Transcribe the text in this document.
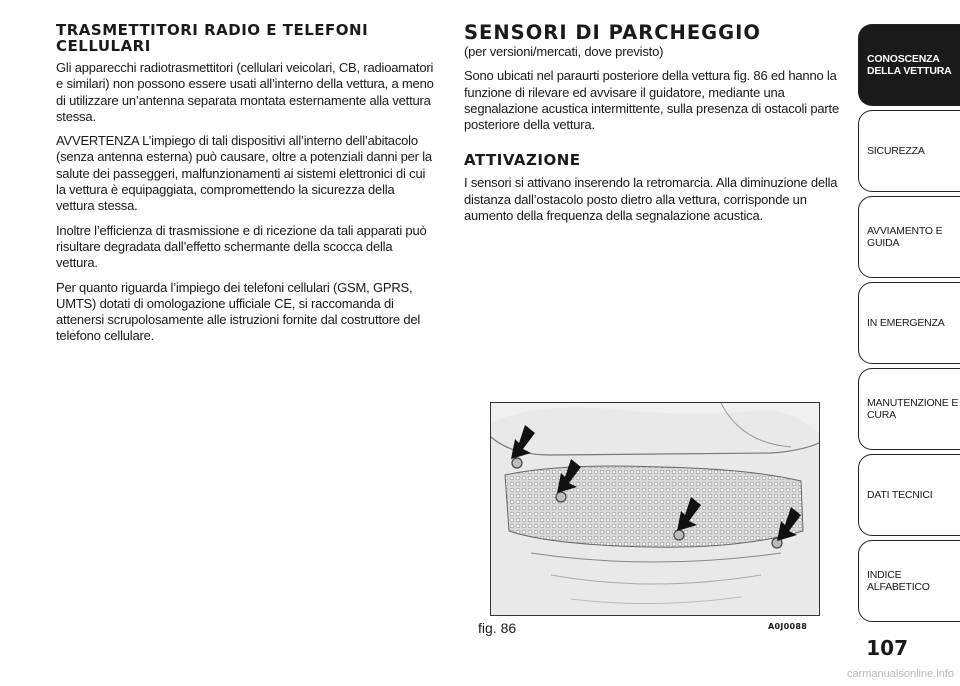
TRASMETTITORI RADIO E TELEFONI CELLULARI

Gli apparecchi radiotrasmettitori (cellulari veicolari, CB, radioamatori e similari) non possono essere usati all’interno della vettura, a meno di utilizzare un’antenna separata montata esternamente alla vettura stessa.

AVVERTENZA L’impiego di tali dispositivi all’interno dell’abitacolo (senza antenna esterna) può causare, oltre a potenziali danni per la salute dei passeggeri, malfunzionamenti ai sistemi elettronici di cui la vettura è equipaggiata, compromettendo la sicurezza della vettura stessa.

Inoltre l’efficienza di trasmissione e di ricezione da tali apparati può risultare degradata dall’effetto schermante della scocca della vettura.

Per quanto riguarda l’impiego dei telefoni cellulari (GSM, GPRS, UMTS) dotati di omologazione ufficiale CE, si raccomanda di attenersi scrupolosamente alle istruzioni fornite dal costruttore del telefono cellulare.

SENSORI DI PARCHEGGIO

(per versioni/mercati, dove previsto)

Sono ubicati nel paraurti posteriore della vettura fig. 86 ed hanno la funzione di rilevare ed avvisare il guidatore, mediante una segnalazione acustica intermittente, sulla presenza di ostacoli parte posteriore della vettura.

ATTIVAZIONE

I sensori si attivano inserendo la retromarcia. Alla diminuzione della distanza dall’ostacolo posto dietro alla vettura, corrisponde un aumento della frequenza della segnalazione acustica.

fig. 86	A0J0088
CONOSCENZA DELLA VETTURA
SICUREZZA
AVVIAMENTO E GUIDA
IN EMERGENZA
MANUTENZIONE E CURA
DATI TECNICI
INDICE ALFABETICO
107
carmanualsonline.info
